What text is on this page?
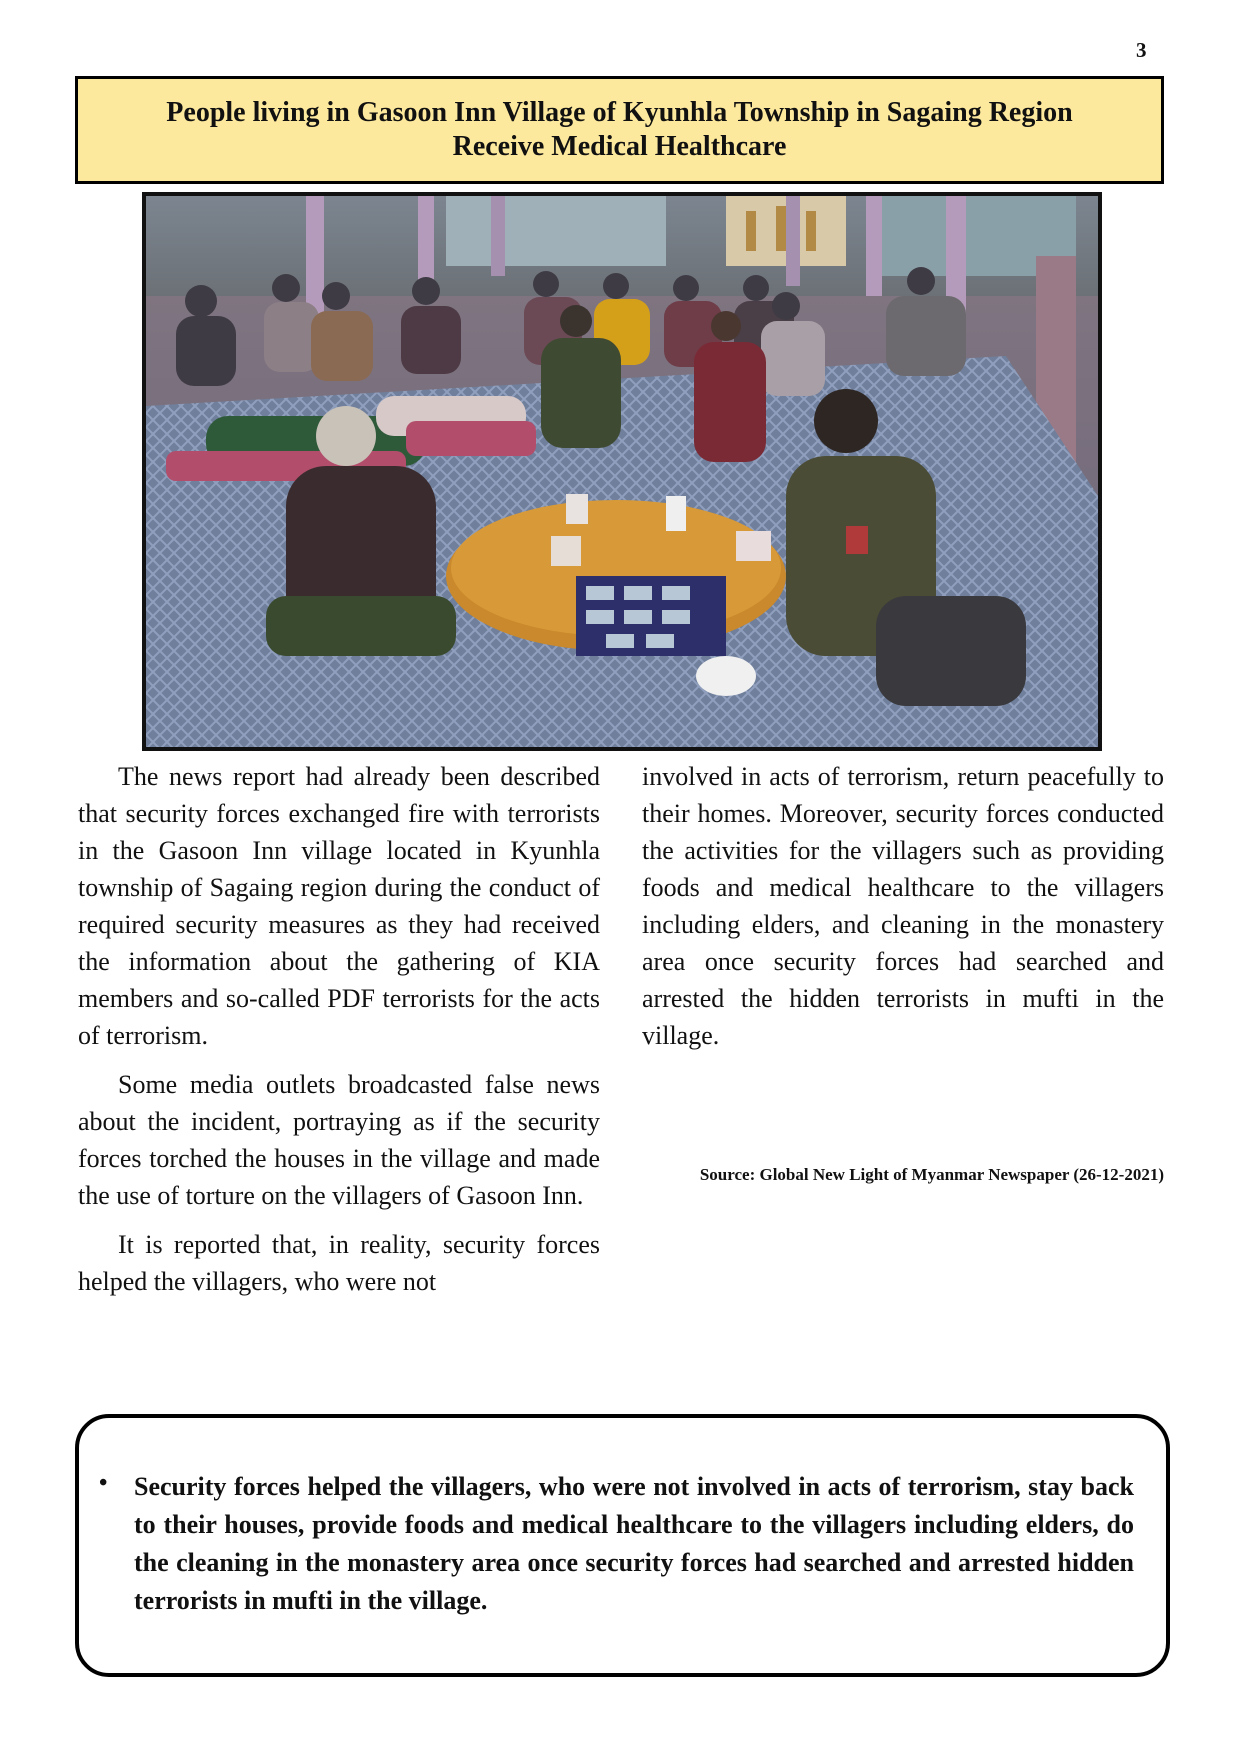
3
People living in Gasoon Inn Village of Kyunhla Township in Sagaing Region
Receive Medical Healthcare

The news report had already been described that security forces exchanged fire with terrorists in the Gasoon Inn village located in Kyunhla township of Sagaing region during the conduct of required security measures as they had received the information about the gathering of KIA members and so-called PDF terrorists for the acts of terrorism.

Some media outlets broadcasted false news about the incident, portraying as if the security forces torched the houses in the village and made the use of torture on the villagers of Gasoon Inn.

It is reported that, in reality, security forces helped the villagers, who were not

involved in acts of terrorism, return peacefully to their homes. Moreover, security forces conducted the activities for the villagers such as providing foods and medical healthcare to the villagers including elders, and cleaning in the monastery area once security forces had searched and arrested the hidden terrorists in mufti in the village.

Source: Global New Light of Myanmar Newspaper (26-12-2021)
• Security forces helped the villagers, who were not involved in acts of terrorism, stay back to their houses, provide foods and medical healthcare to the villagers including elders, do the cleaning in the monastery area once security forces had searched and arrested hidden terrorists in mufti in the village.
